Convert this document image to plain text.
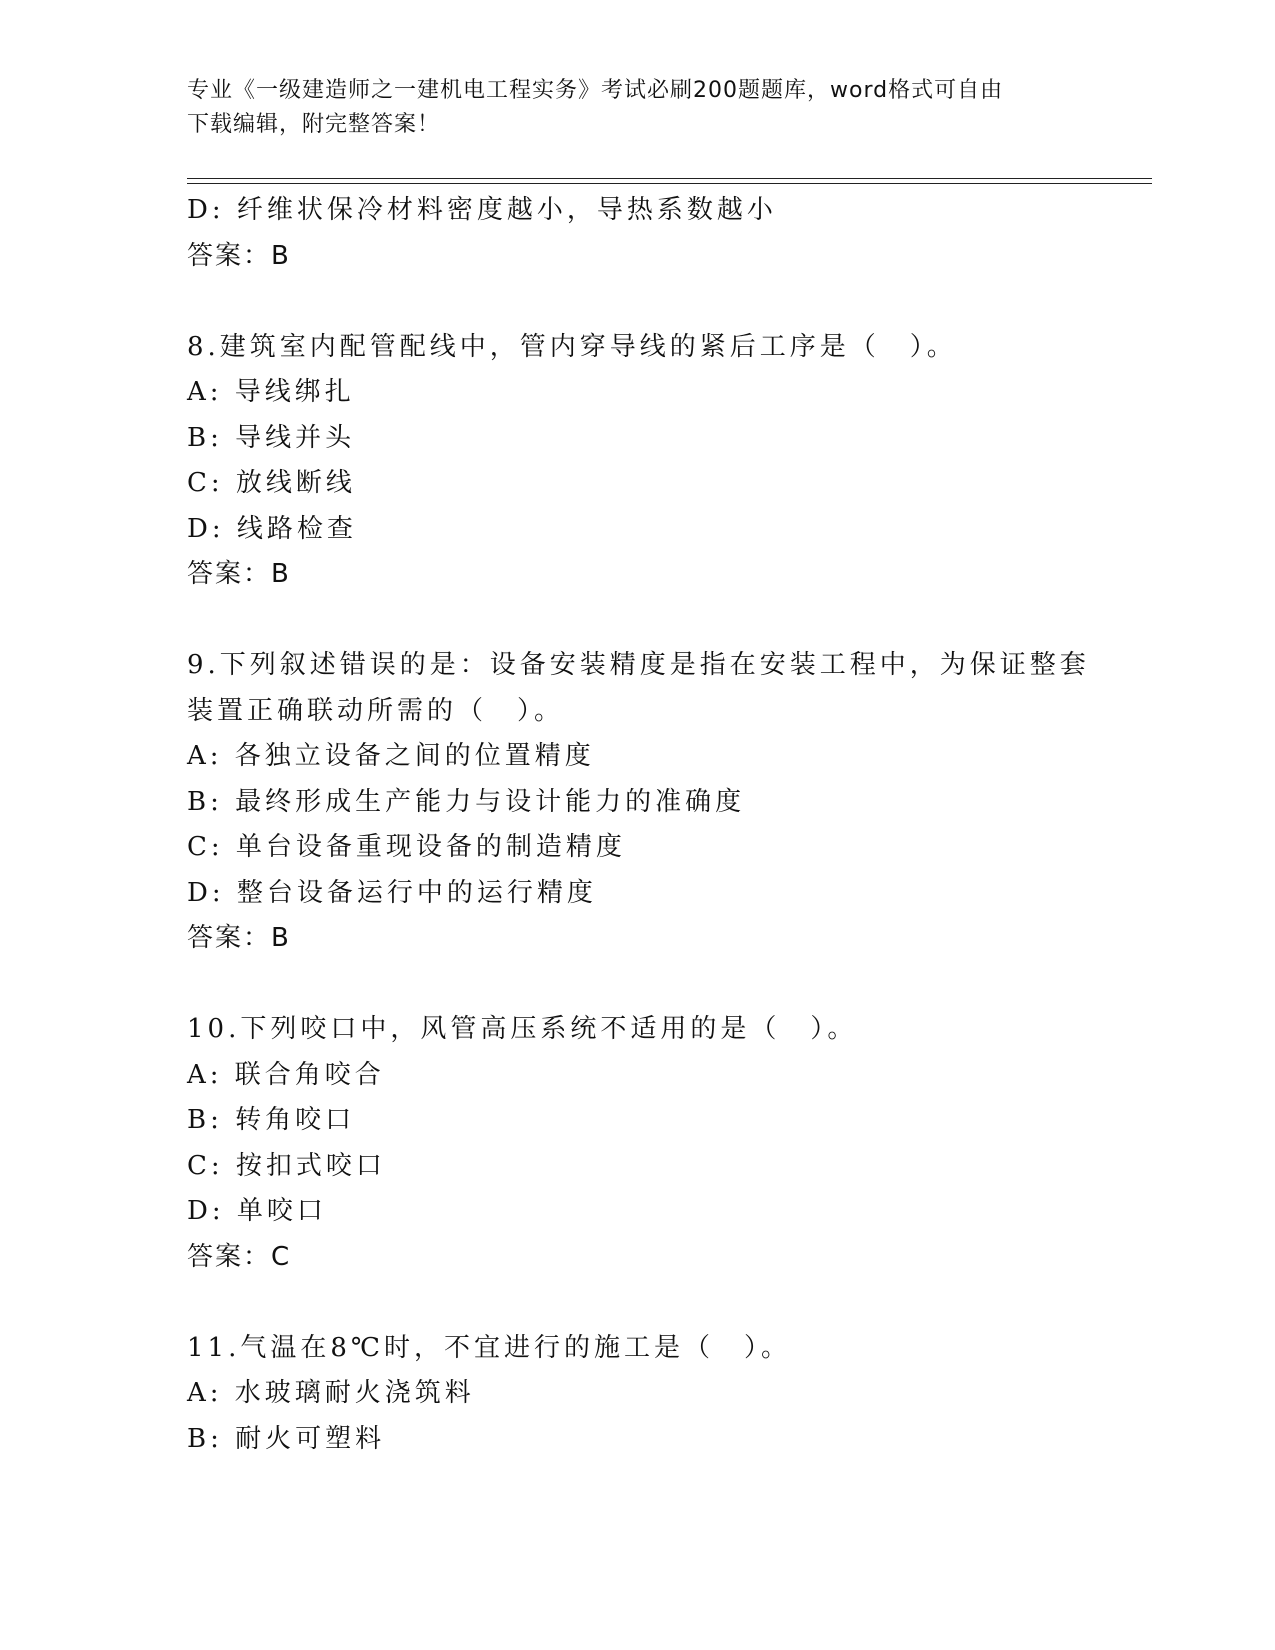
专业《一级建造师之一建机电工程实务》考试必刷200题题库，word格式可自由
下载编辑，附完整答案！
D: 纤维状保冷材料密度越小，导热系数越小
答案：B
8.建筑室内配管配线中，管内穿导线的紧后工序是（　）。
A: 导线绑扎
B: 导线并头
C: 放线断线
D: 线路检查
答案：B
9.下列叙述错误的是：设备安装精度是指在安装工程中，为保证整套
装置正确联动所需的（　）。
A: 各独立设备之间的位置精度
B: 最终形成生产能力与设计能力的准确度
C: 单台设备重现设备的制造精度
D: 整台设备运行中的运行精度
答案：B
10.下列咬口中，风管高压系统不适用的是（　）。
A: 联合角咬合
B: 转角咬口
C: 按扣式咬口
D: 单咬口
答案：C
11.气温在8℃时，不宜进行的施工是（　）。
A: 水玻璃耐火浇筑料
B: 耐火可塑料
